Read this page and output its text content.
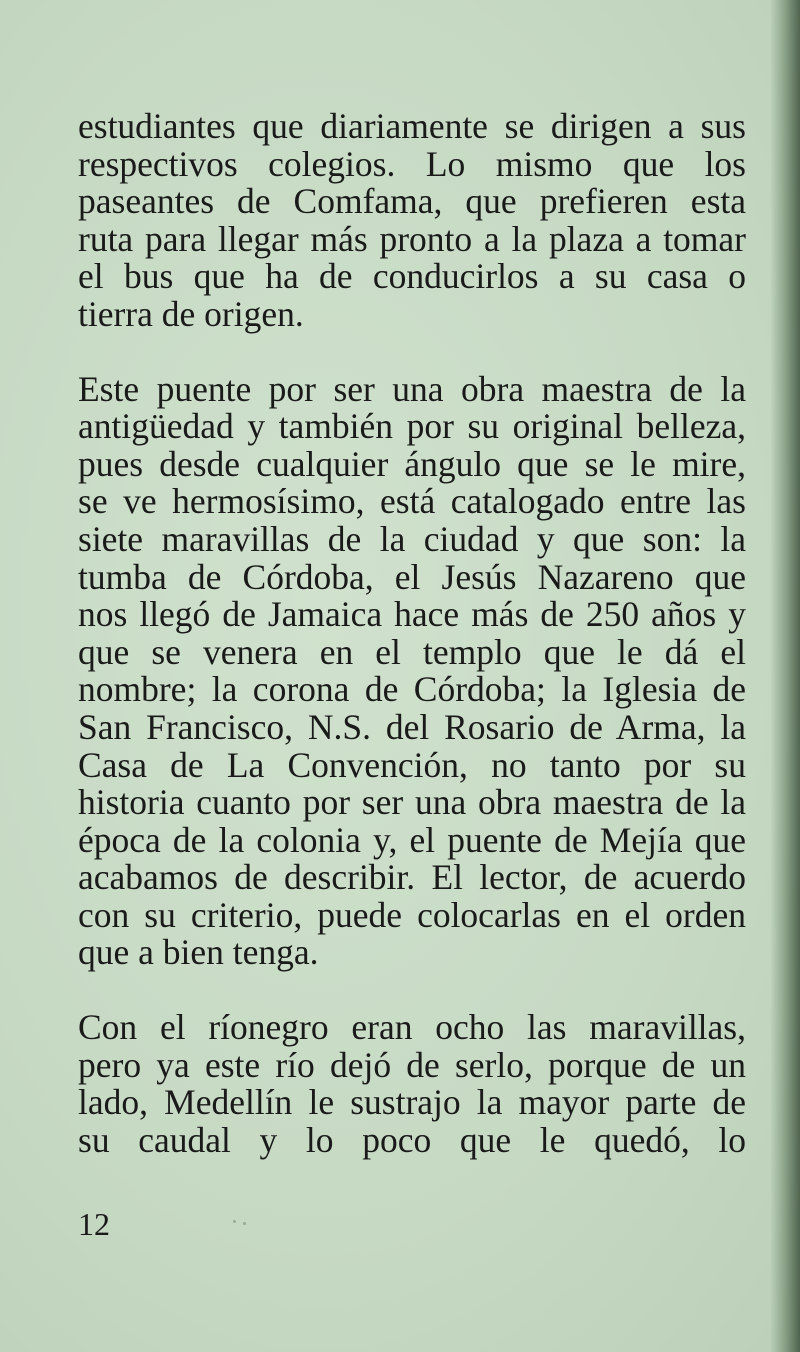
estudiantes que diariamente se dirigen a sus
respectivos colegios. Lo mismo que los
paseantes de Comfama, que prefieren esta
ruta para llegar más pronto a la plaza a tomar
el bus que ha de conducirlos a su casa o
tierra de origen.
Este puente por ser una obra maestra de la
antigüedad y también por su original belleza,
pues desde cualquier ángulo que se le mire,
se ve hermosísimo, está catalogado entre las
siete maravillas de la ciudad y que son: la
tumba de Córdoba, el Jesús Nazareno que
nos llegó de Jamaica hace más de 250 años y
que se venera en el templo que le dá el
nombre; la corona de Córdoba; la Iglesia de
San Francisco, N.S. del Rosario de Arma, la
Casa de La Convención, no tanto por su
historia cuanto por ser una obra maestra de la
época de la colonia y, el puente de Mejía que
acabamos de describir. El lector, de acuerdo
con su criterio, puede colocarlas en el orden
que a bien tenga.
Con el ríonegro eran ocho las maravillas,
pero ya este río dejó de serlo, porque de un
lado, Medellín le sustrajo la mayor parte de
su caudal y lo poco que le quedó, lo
12
